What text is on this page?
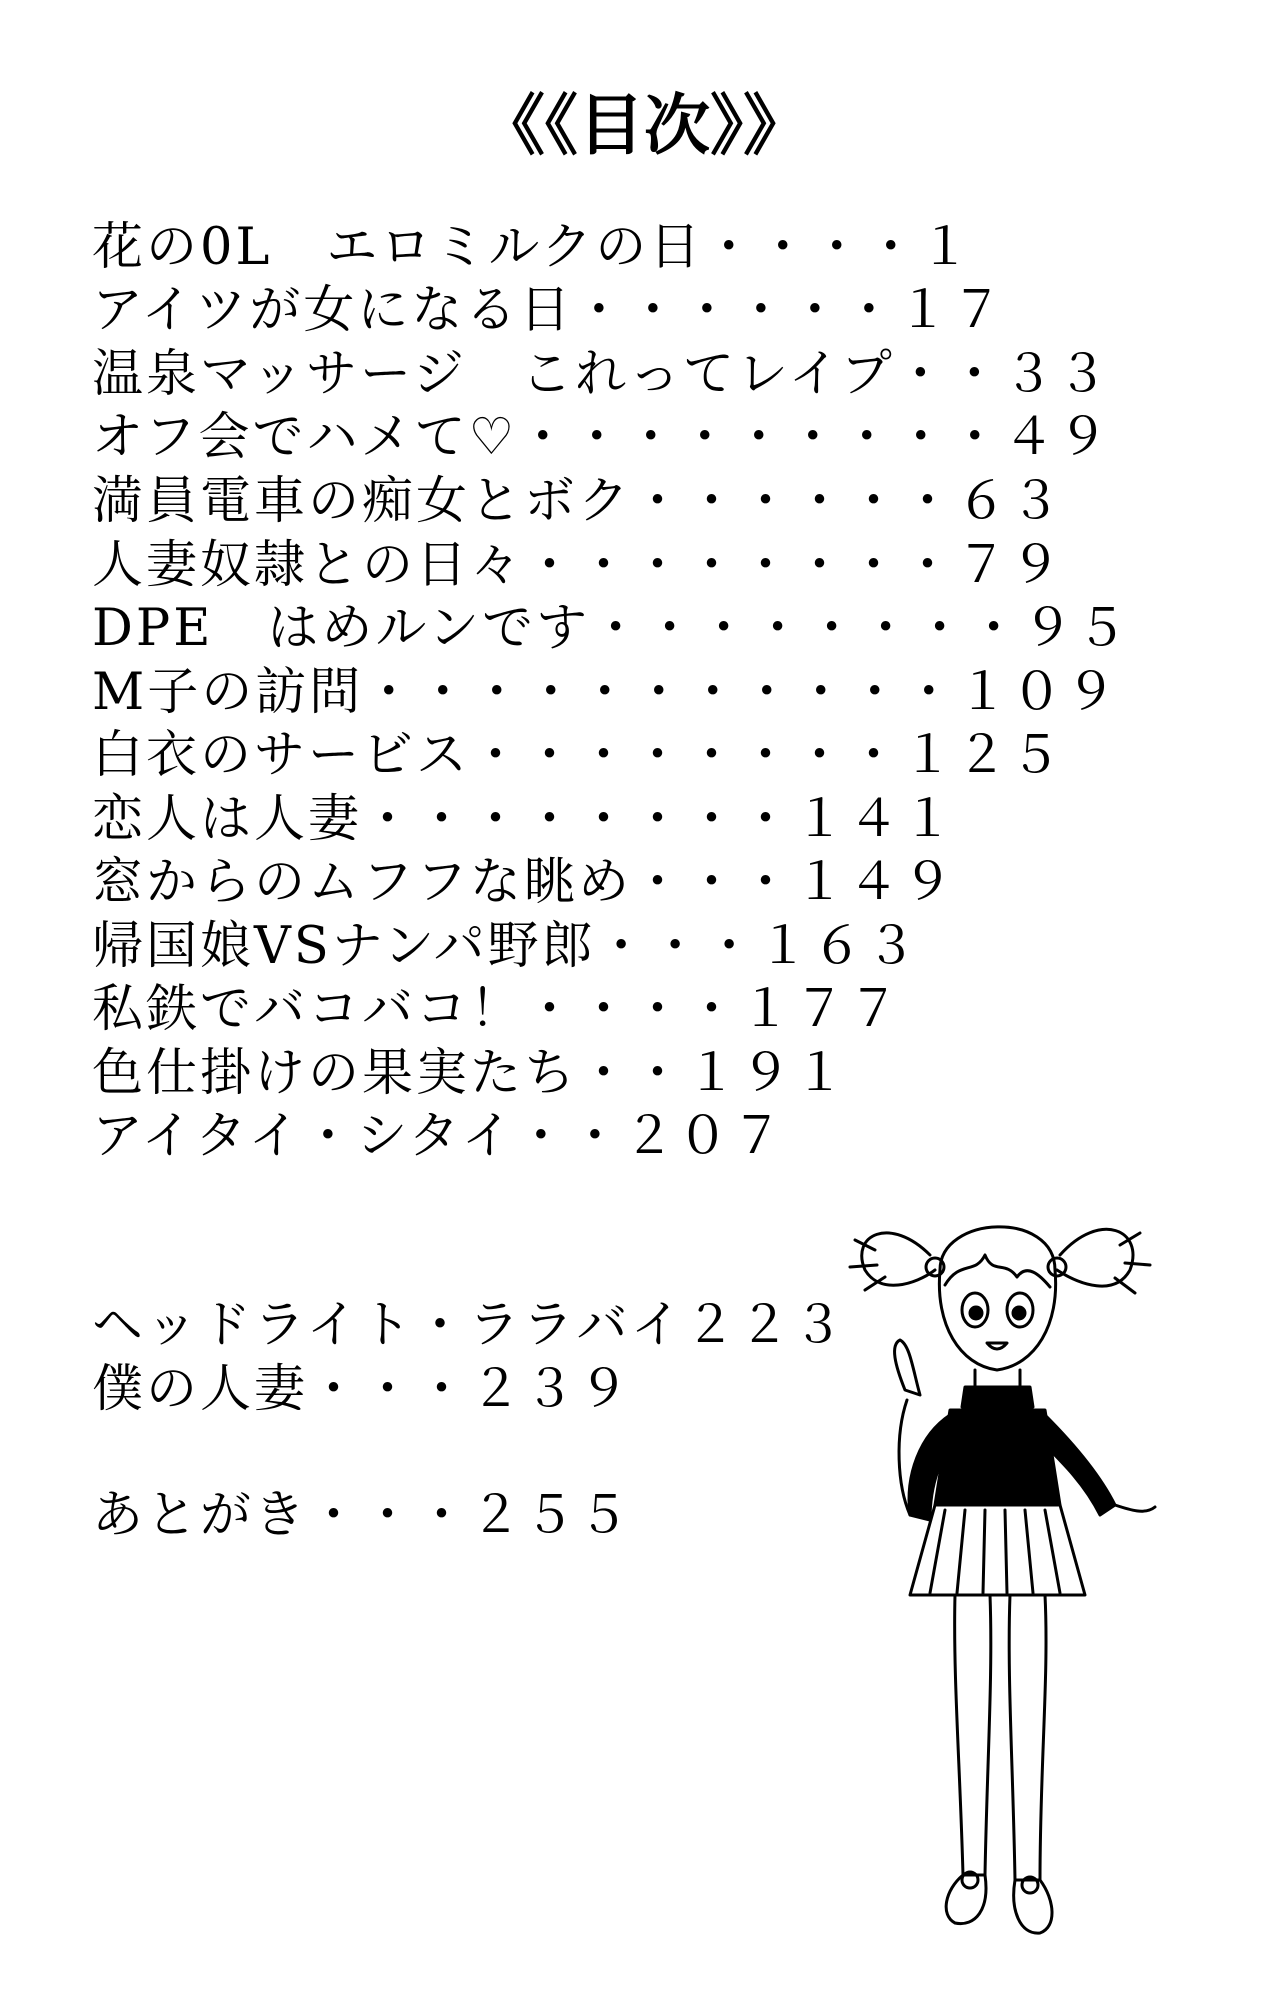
《《目次》》
花の0L　エロミルクの日・・・・１
アイツが女になる日・・・・・・１７
温泉マッサージ　これってレイプ・・３３
オフ会でハメて♡・・・・・・・・・４９
満員電車の痴女とボク・・・・・・６３
人妻奴隷との日々・・・・・・・・７９
DPE　はめルンです・・・・・・・・９５
M子の訪問・・・・・・・・・・・１０９
白衣のサービス・・・・・・・・１２５
恋人は人妻・・・・・・・・１４１
窓からのムフフな眺め・・・１４９
帰国娘VSナンパ野郎・・・１６３
私鉄でバコバコ！・・・・１７７
色仕掛けの果実たち・・１９１
アイタイ・シタイ・・２０７
ヘッドライト・ララバイ２２３
僕の人妻・・・２３９
あとがき・・・２５５
